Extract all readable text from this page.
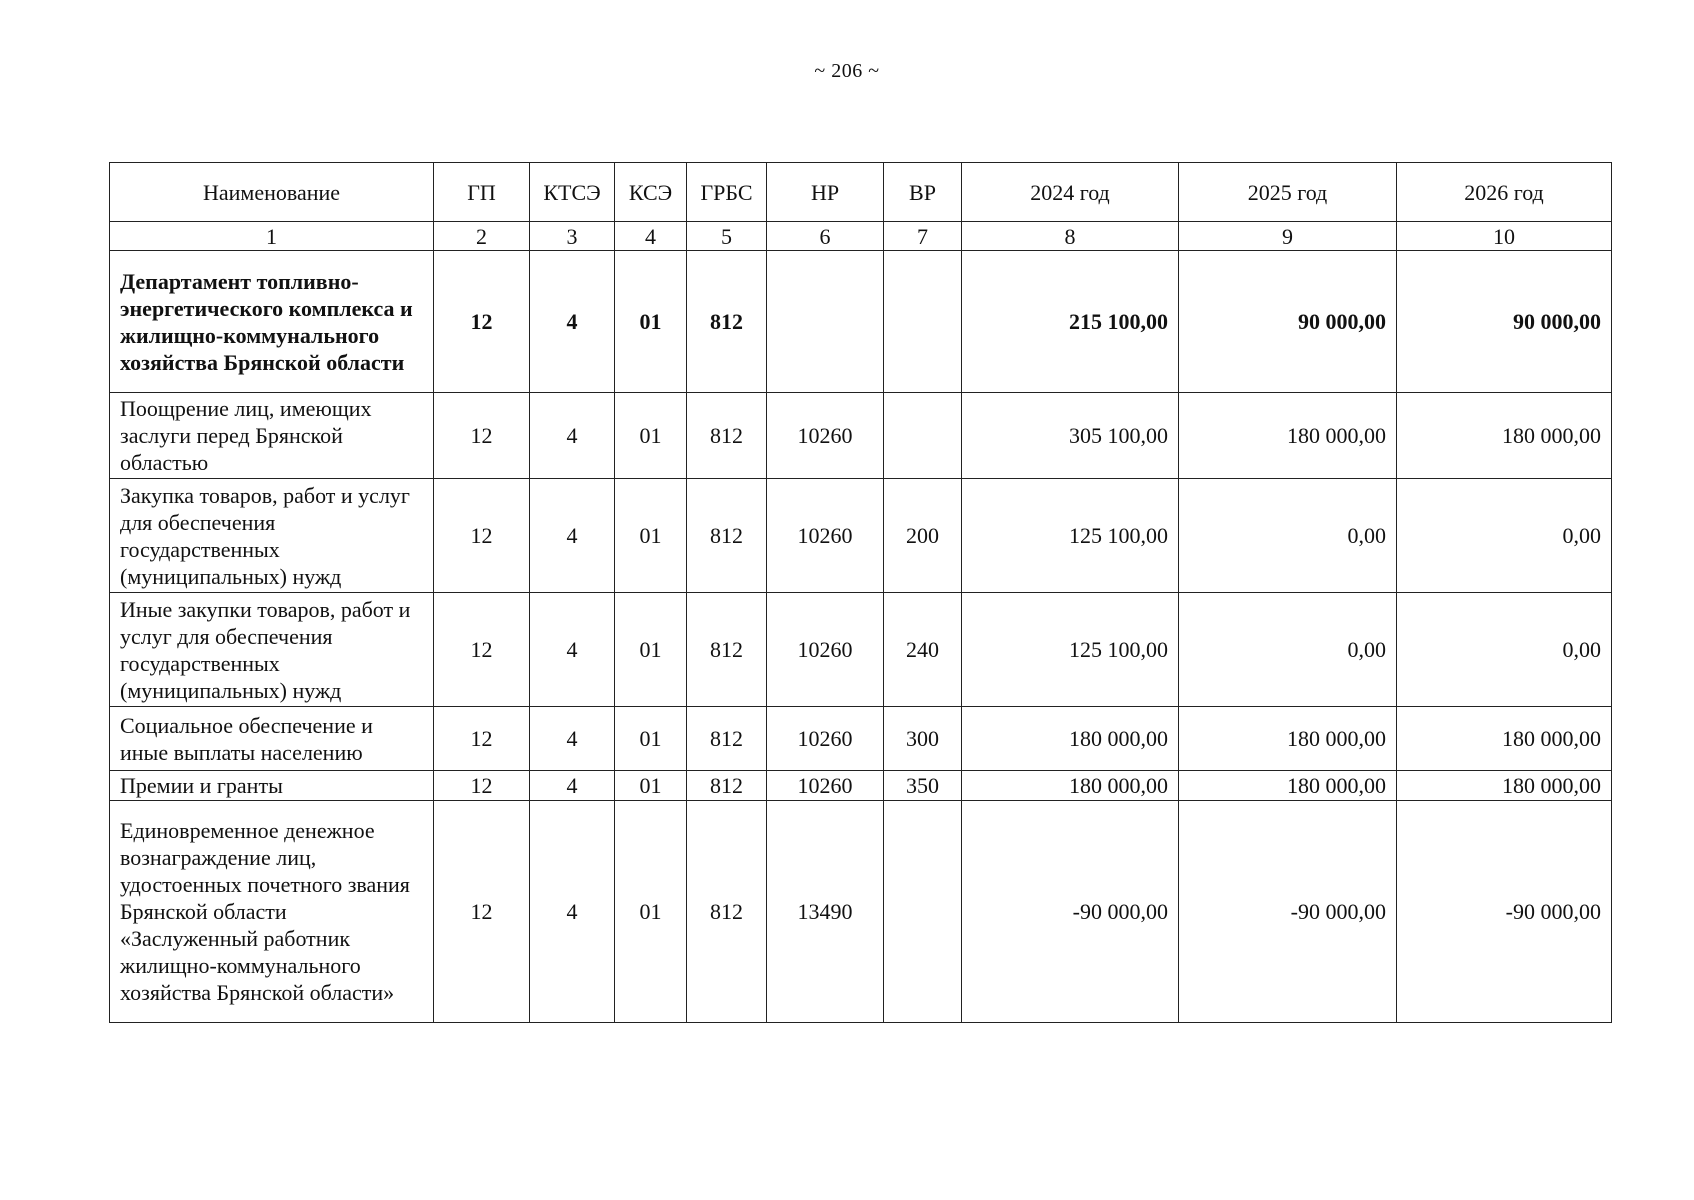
~ 206 ~
Наименование	ГП	КТСЭ	КСЭ	ГРБС	НР	ВР	2024 год	2025 год	2026 год
1	2	3	4	5	6	7	8	9	10
Департамент топливно-энергетического комплекса и жилищно-коммунального хозяйства Брянской области	12	4	01	812			215 100,00	90 000,00	90 000,00
Поощрение лиц, имеющих заслуги перед Брянской областью	12	4	01	812	10260		305 100,00	180 000,00	180 000,00
Закупка товаров, работ и услуг для обеспечения государственных (муниципальных) нужд	12	4	01	812	10260	200	125 100,00	0,00	0,00
Иные закупки товаров, работ и услуг для обеспечения государственных (муниципальных) нужд	12	4	01	812	10260	240	125 100,00	0,00	0,00
Социальное обеспечение и иные выплаты населению	12	4	01	812	10260	300	180 000,00	180 000,00	180 000,00
Премии и гранты	12	4	01	812	10260	350	180 000,00	180 000,00	180 000,00
Единовременное денежное вознаграждение лиц, удостоенных почетного звания Брянской области «Заслуженный работник жилищно-коммунального хозяйства Брянской области»	12	4	01	812	13490		-90 000,00	-90 000,00	-90 000,00
